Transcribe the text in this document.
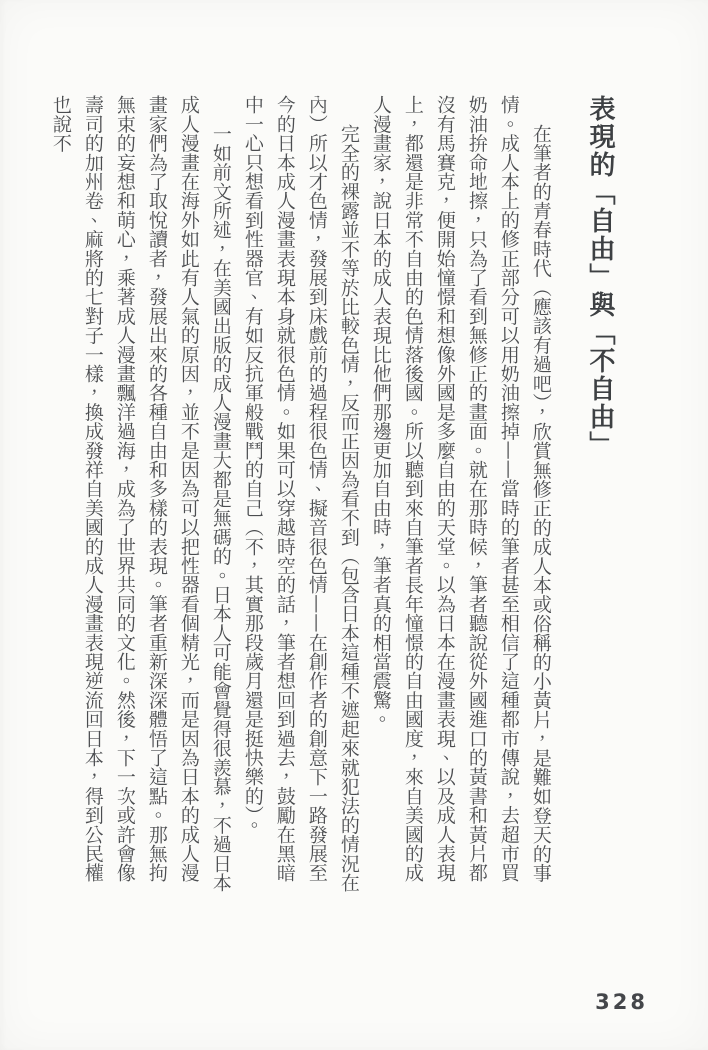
表現的「自由」與「不自由」

在筆者的青春時代（應該有過吧），欣賞無修正的成人本或俗稱的小黃片，是難如登天的事情。成人本上的修正部分可以用奶油擦掉——當時的筆者甚至相信了這種都市傳說，去超市買奶油拚命地擦，只為了看到無修正的畫面。就在那時候，筆者聽說從外國進口的黃書和黃片都沒有馬賽克，便開始憧憬和想像外國是多麼自由的天堂。以為日本在漫畫表現、以及成人表現上，都還是非常不自由的色情落後國。所以聽到來自筆者長年憧憬的自由國度，來自美國的成人漫畫家，說日本的成人表現比他們那邊更加自由時，筆者真的相當震驚。

完全的裸露並不等於比較色情，反而正因為看不到（包含日本這種不遮起來就犯法的情況在內）所以才色情，發展到床戲前的過程很色情、擬音很色情——在創作者的創意下一路發展至今的日本成人漫畫表現本身就很色情。如果可以穿越時空的話，筆者想回到過去，鼓勵在黑暗中一心只想看到性器官、有如反抗軍般戰鬥的自己（不，其實那段歲月還是挺快樂的）。

一如前文所述，在美國出版的成人漫畫大都是無碼的。日本人可能會覺得很羨慕，不過日本成人漫畫在海外如此有人氣的原因，並不是因為可以把性器看個精光，而是因為日本的成人漫畫家們為了取悅讀者，發展出來的各種自由和多樣的表現。筆者重新深深體悟了這點。那無拘無束的妄想和萌心，乘著成人漫畫飄洋過海，成為了世界共同的文化。然後，下一次或許會像壽司的加州卷、麻將的七對子一樣，換成發祥自美國的成人漫畫表現逆流回日本，得到公民權也說不

328
